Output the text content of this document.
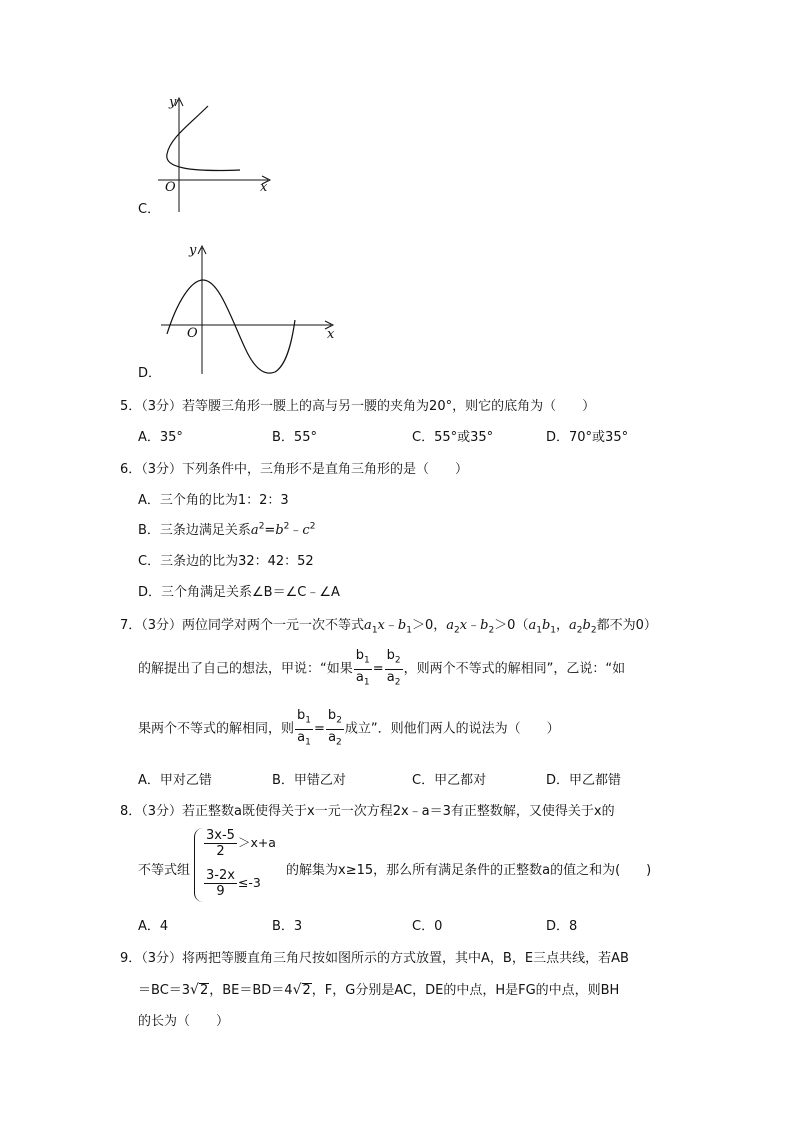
y
x
O
C．
y
x
O
D．
5．（3分）若等腰三角形一腰上的高与另一腰的夹角为20°，则它的底角为（　　）
A．35°	B．55°	C．55°或35°	D．70°或35°
6．（3分）下列条件中，三角形不是直角三角形的是（　　）
A．三个角的比为1：2：3
B．三条边满足关系$a^2=b^2﹣c^2$
C．三条边的比为32：42：52
D．三个角满足关系∠B＝∠C﹣∠A
7．（3分）两位同学对两个一元一次不等式$a_1x﹣b_1>0$，$a_2x﹣b_2>0(a_1b_1$，$a_2b_2$都不为0）
的解提出了自己的想法，甲说：“如果 $\frac{b_1}{a_1} = \frac{b_2}{a_2}$ ，则两个不等式的解相同”，乙说：“如
果两个不等式的解相同，则 $\frac{b_1}{a_1} = \frac{b_2}{a_2}$ 成立”．则他们两人的说法为（　　）
A．甲对乙错	B．甲错乙对	C．甲乙都对	D．甲乙都错
8．（3分）若正整数a既使得关于x一元一次方程2x﹣a＝3有正整数解，又使得关于x的
不等式组
$\frac{3x-5}{2} >x+a$
$\frac{3-2x}{9} \le-3$
的解集为x≥15，那么所有满足条件的正整数a的值之和为(　　)
A．4	B．3	C．0	D．8
9．（3分）将两把等腰直角三角尺按如图所示的方式放置，其中A，B，E三点共线，若AB
＝BC＝3√2，BE＝BD＝4√2，F，G分别是AC，DE的中点，H是FG的中点，则BH
的长为（　　）
